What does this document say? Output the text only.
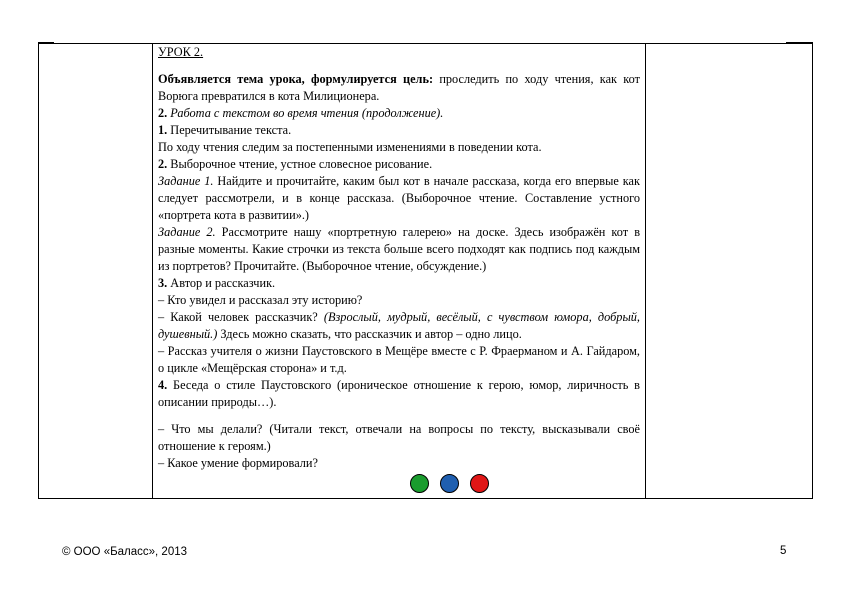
УРОК 2.

Объявляется тема урока, формулируется цель: проследить по ходу чтения, как кот Ворюга превратился в кота Милиционера.

2. Работа с текстом во время чтения (продолжение).

1. Перечитывание текста.

По ходу чтения следим за постепенными изменениями в поведении кота.

2. Выборочное чтение, устное словесное рисование.

Задание 1. Найдите и прочитайте, каким был кот в начале рассказа, когда его впервые как следует рассмотрели, и в конце рассказа. (Выборочное чтение. Составление устного «портрета кота в развитии».)

Задание 2. Рассмотрите нашу «портретную галерею» на доске. Здесь изображён кот в разные моменты. Какие строчки из текста больше всего подходят как подпись под каждым из портретов? Прочитайте. (Выборочное чтение, обсуждение.)

3. Автор и рассказчик.

– Кто увидел и рассказал эту историю?

– Какой человек рассказчик? (Взрослый, мудрый, весёлый, с чувством юмора, добрый, душевный.) Здесь можно сказать, что рассказчик и автор – одно лицо.

– Рассказ учителя о жизни Паустовского в Мещёре вместе с Р. Фраерманом и А. Гайдаром, о цикле «Мещёрская сторона» и т.д.

4. Беседа о стиле Паустовского (ироническое отношение к герою, юмор, лиричность в описании природы…).

– Что мы делали? (Читали текст, отвечали на вопросы по тексту, высказывали своё отношение к героям.)

– Какое умение формировали?

© ООО «Баласс», 2013	5
